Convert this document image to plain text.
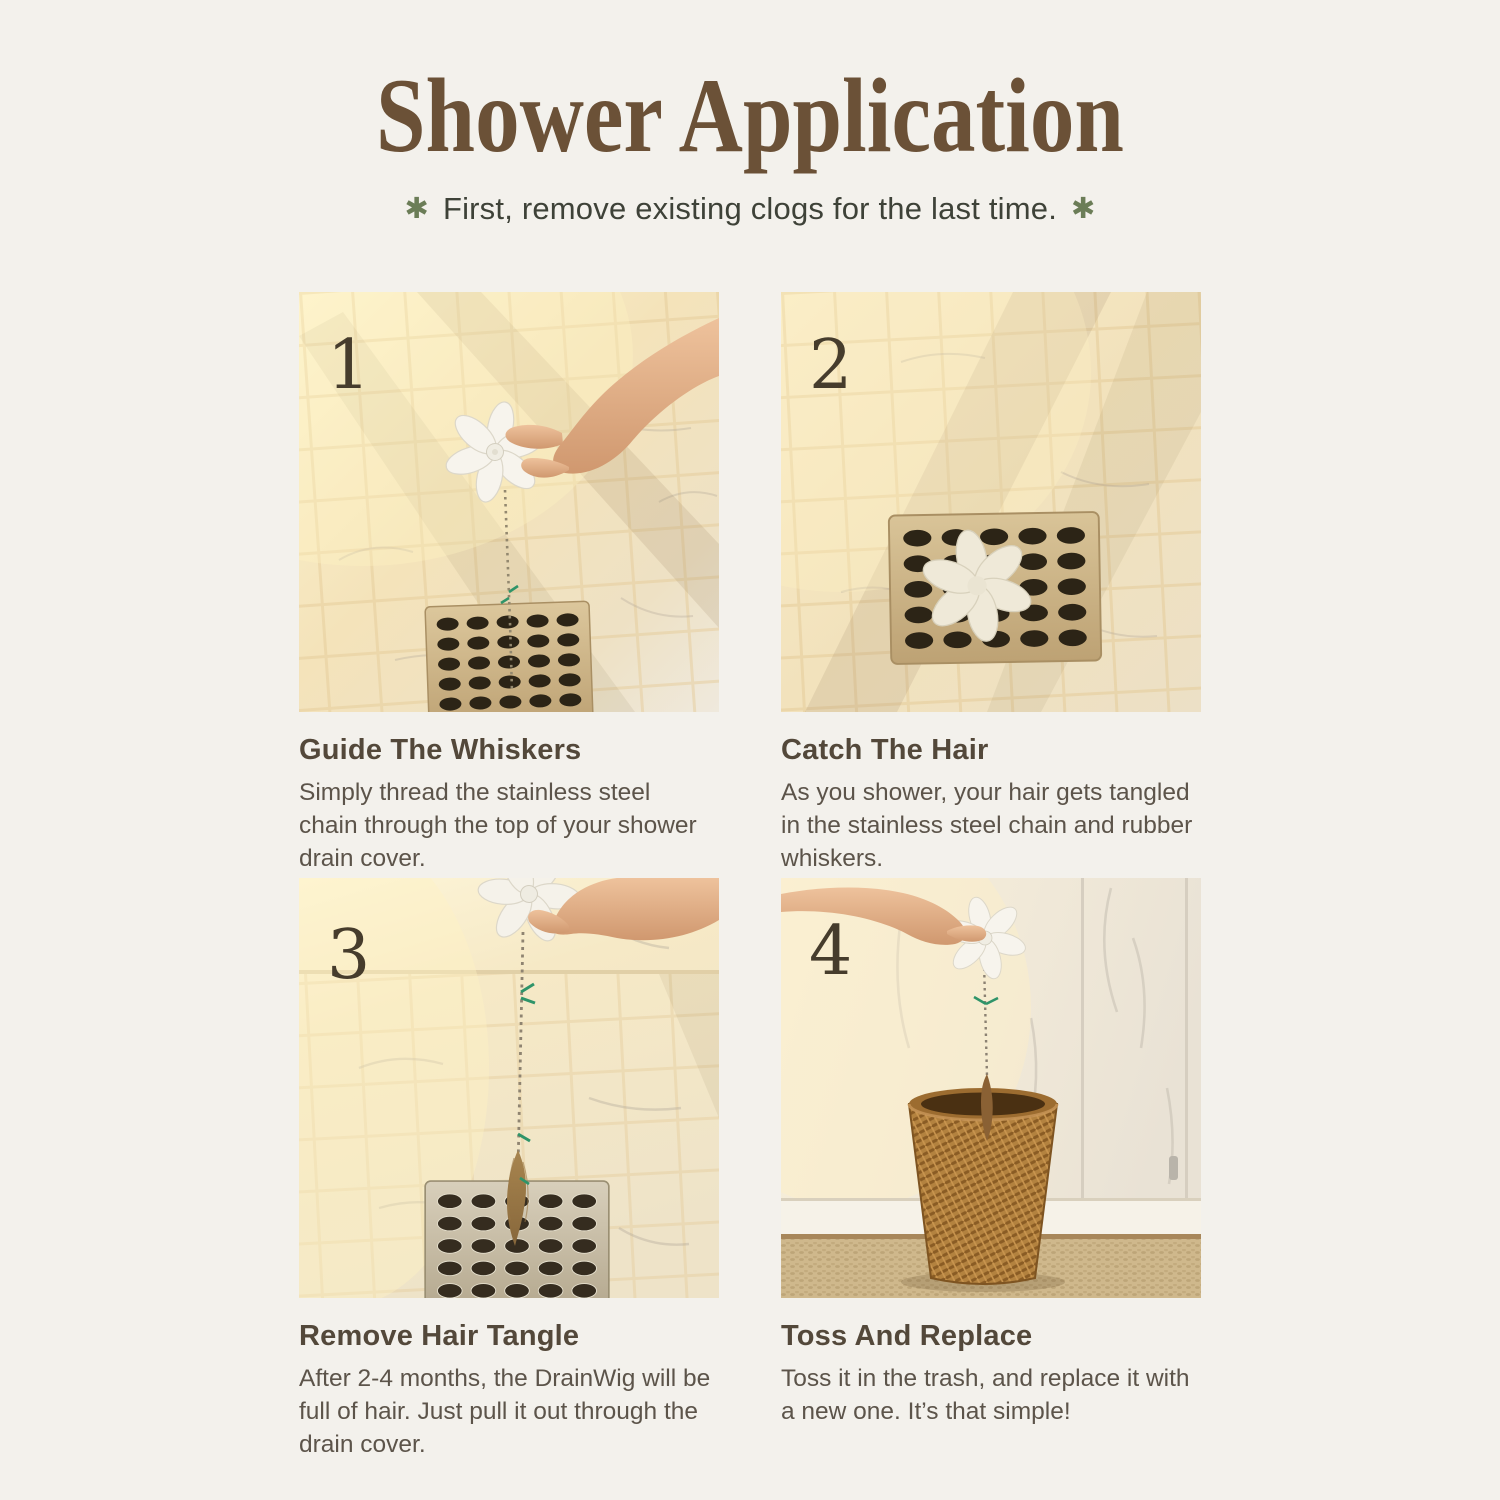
Shower Application
✱ First, remove existing clogs for the last time. ✱
1
Guide The Whiskers

Simply thread the stainless steel chain through the top of your shower drain cover.

2
Catch The Hair

As you shower, your hair gets tangled in the stainless steel chain and rubber whiskers.

3
Remove Hair Tangle

After 2-4 months, the DrainWig will be full of hair. Just pull it out through the drain cover.

4
Toss And Replace

Toss it in the trash, and replace it with a new one. It’s that simple!
